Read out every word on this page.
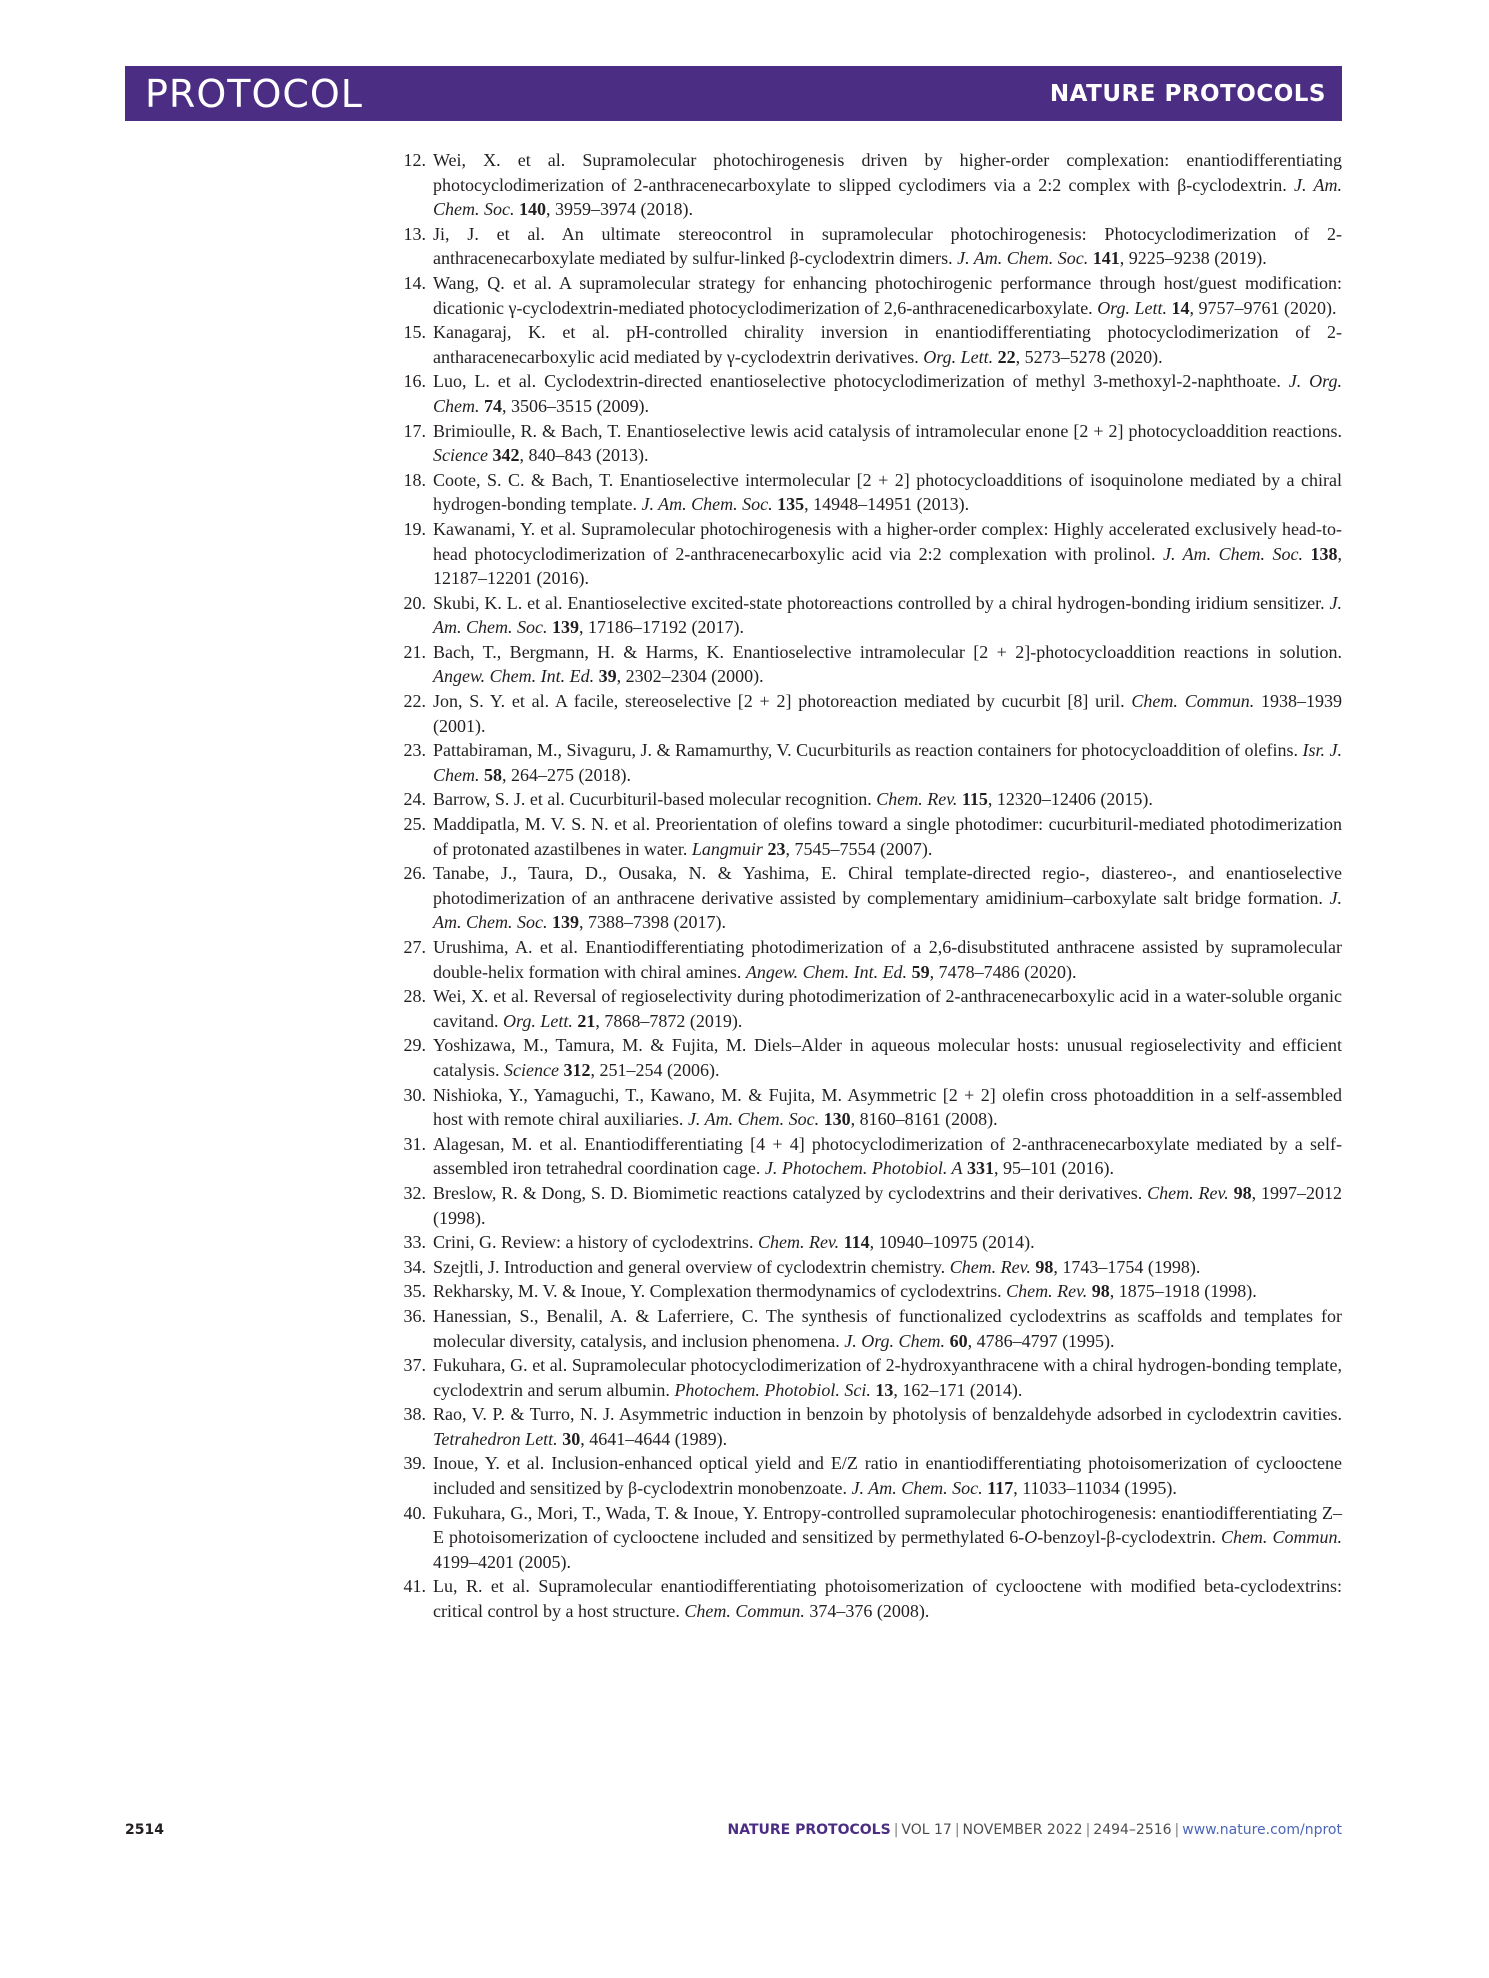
PROTOCOL	NATURE PROTOCOLS
12. Wei, X. et al. Supramolecular photochirogenesis driven by higher-order complexation: enantiodifferentiating photocyclodimerization of 2-anthracenecarboxylate to slipped cyclodimers via a 2:2 complex with β-cyclodextrin. J. Am. Chem. Soc. 140, 3959–3974 (2018).
13. Ji, J. et al. An ultimate stereocontrol in supramolecular photochirogenesis: Photocyclodimerization of 2-anthracenecarboxylate mediated by sulfur-linked β-cyclodextrin dimers. J. Am. Chem. Soc. 141, 9225–9238 (2019).
14. Wang, Q. et al. A supramolecular strategy for enhancing photochirogenic performance through host/guest modification: dicationic γ-cyclodextrin-mediated photocyclodimerization of 2,6-anthracenedicarboxylate. Org. Lett. 14, 9757–9761 (2020).
15. Kanagaraj, K. et al. pH-controlled chirality inversion in enantiodifferentiating photocyclodimerization of 2-antharacenecarboxylic acid mediated by γ-cyclodextrin derivatives. Org. Lett. 22, 5273–5278 (2020).
16. Luo, L. et al. Cyclodextrin-directed enantioselective photocyclodimerization of methyl 3-methoxyl-2-naphthoate. J. Org. Chem. 74, 3506–3515 (2009).
17. Brimioulle, R. & Bach, T. Enantioselective lewis acid catalysis of intramolecular enone [2 + 2] photocycloaddition reactions. Science 342, 840–843 (2013).
18. Coote, S. C. & Bach, T. Enantioselective intermolecular [2 + 2] photocycloadditions of isoquinolone mediated by a chiral hydrogen-bonding template. J. Am. Chem. Soc. 135, 14948–14951 (2013).
19. Kawanami, Y. et al. Supramolecular photochirogenesis with a higher-order complex: Highly accelerated exclusively head-to-head photocyclodimerization of 2-anthracenecarboxylic acid via 2:2 complexation with prolinol. J. Am. Chem. Soc. 138, 12187–12201 (2016).
20. Skubi, K. L. et al. Enantioselective excited-state photoreactions controlled by a chiral hydrogen-bonding iridium sensitizer. J. Am. Chem. Soc. 139, 17186–17192 (2017).
21. Bach, T., Bergmann, H. & Harms, K. Enantioselective intramolecular [2 + 2]-photocycloaddition reactions in solution. Angew. Chem. Int. Ed. 39, 2302–2304 (2000).
22. Jon, S. Y. et al. A facile, stereoselective [2 + 2] photoreaction mediated by cucurbit [8] uril. Chem. Commun. 1938–1939 (2001).
23. Pattabiraman, M., Sivaguru, J. & Ramamurthy, V. Cucurbiturils as reaction containers for photocycloaddition of olefins. Isr. J. Chem. 58, 264–275 (2018).
24. Barrow, S. J. et al. Cucurbituril-based molecular recognition. Chem. Rev. 115, 12320–12406 (2015).
25. Maddipatla, M. V. S. N. et al. Preorientation of olefins toward a single photodimer: cucurbituril-mediated photodimerization of protonated azastilbenes in water. Langmuir 23, 7545–7554 (2007).
26. Tanabe, J., Taura, D., Ousaka, N. & Yashima, E. Chiral template-directed regio-, diastereo-, and enantioselective photodimerization of an anthracene derivative assisted by complementary amidinium–carboxylate salt bridge formation. J. Am. Chem. Soc. 139, 7388–7398 (2017).
27. Urushima, A. et al. Enantiodifferentiating photodimerization of a 2,6-disubstituted anthracene assisted by supramolecular double-helix formation with chiral amines. Angew. Chem. Int. Ed. 59, 7478–7486 (2020).
28. Wei, X. et al. Reversal of regioselectivity during photodimerization of 2-anthracenecarboxylic acid in a water-soluble organic cavitand. Org. Lett. 21, 7868–7872 (2019).
29. Yoshizawa, M., Tamura, M. & Fujita, M. Diels–Alder in aqueous molecular hosts: unusual regioselectivity and efficient catalysis. Science 312, 251–254 (2006).
30. Nishioka, Y., Yamaguchi, T., Kawano, M. & Fujita, M. Asymmetric [2 + 2] olefin cross photoaddition in a self-assembled host with remote chiral auxiliaries. J. Am. Chem. Soc. 130, 8160–8161 (2008).
31. Alagesan, M. et al. Enantiodifferentiating [4 + 4] photocyclodimerization of 2-anthracenecarboxylate mediated by a self-assembled iron tetrahedral coordination cage. J. Photochem. Photobiol. A 331, 95–101 (2016).
32. Breslow, R. & Dong, S. D. Biomimetic reactions catalyzed by cyclodextrins and their derivatives. Chem. Rev. 98, 1997–2012 (1998).
33. Crini, G. Review: a history of cyclodextrins. Chem. Rev. 114, 10940–10975 (2014).
34. Szejtli, J. Introduction and general overview of cyclodextrin chemistry. Chem. Rev. 98, 1743–1754 (1998).
35. Rekharsky, M. V. & Inoue, Y. Complexation thermodynamics of cyclodextrins. Chem. Rev. 98, 1875–1918 (1998).
36. Hanessian, S., Benalil, A. & Laferriere, C. The synthesis of functionalized cyclodextrins as scaffolds and templates for molecular diversity, catalysis, and inclusion phenomena. J. Org. Chem. 60, 4786–4797 (1995).
37. Fukuhara, G. et al. Supramolecular photocyclodimerization of 2-hydroxyanthracene with a chiral hydrogen-bonding template, cyclodextrin and serum albumin. Photochem. Photobiol. Sci. 13, 162–171 (2014).
38. Rao, V. P. & Turro, N. J. Asymmetric induction in benzoin by photolysis of benzaldehyde adsorbed in cyclodextrin cavities. Tetrahedron Lett. 30, 4641–4644 (1989).
39. Inoue, Y. et al. Inclusion-enhanced optical yield and E/Z ratio in enantiodifferentiating photoisomerization of cyclooctene included and sensitized by β-cyclodextrin monobenzoate. J. Am. Chem. Soc. 117, 11033–11034 (1995).
40. Fukuhara, G., Mori, T., Wada, T. & Inoue, Y. Entropy-controlled supramolecular photochirogenesis: enantiodifferentiating Z–E photoisomerization of cyclooctene included and sensitized by permethylated 6-O-benzoyl-β-cyclodextrin. Chem. Commun. 4199–4201 (2005).
41. Lu, R. et al. Supramolecular enantiodifferentiating photoisomerization of cyclooctene with modified beta-cyclodextrins: critical control by a host structure. Chem. Commun. 374–376 (2008).
2514	NATURE PROTOCOLS | VOL 17 | NOVEMBER 2022 | 2494–2516 | www.nature.com/nprot
